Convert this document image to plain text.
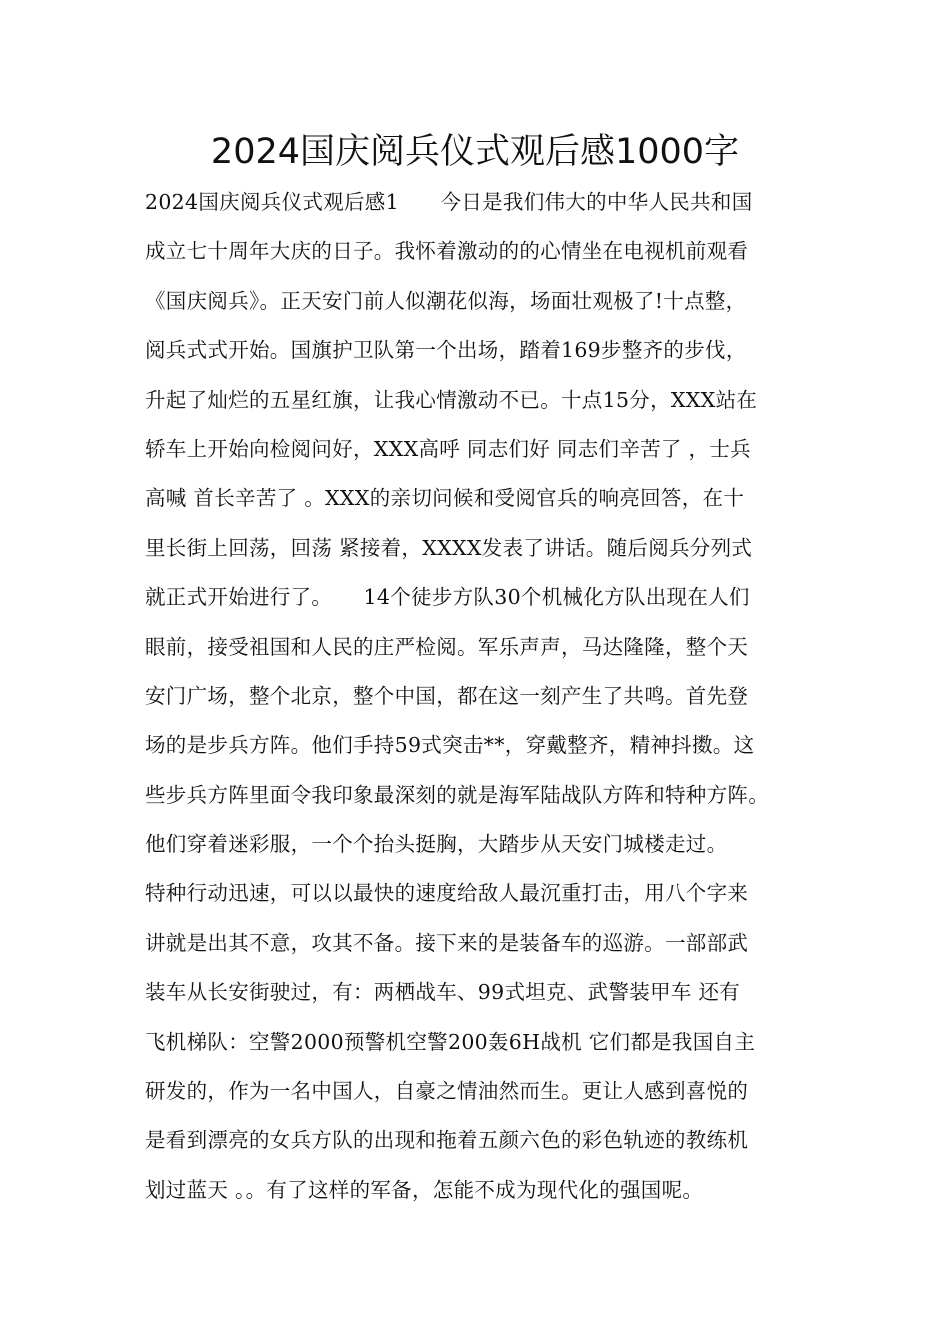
2024国庆阅兵仪式观后感1000字
2024国庆阅兵仪式观后感1　　今日是我们伟大的中华人民共和国
成立七十周年大庆的日子。我怀着激动的的心情坐在电视机前观看
《国庆阅兵》。正天安门前人似潮花似海，场面壮观极了!十点整，
阅兵式式开始。国旗护卫队第一个出场，踏着169步整齐的步伐，
升起了灿烂的五星红旗，让我心情激动不已。十点15分，XXX站在
轿车上开始向检阅问好，XXX高呼 同志们好 同志们辛苦了 ，士兵
高喊 首长辛苦了 。XXX的亲切问候和受阅官兵的响亮回答，在十
里长街上回荡，回荡 紧接着，XXXX发表了讲话。随后阅兵分列式
就正式开始进行了。　　14个徒步方队30个机械化方队出现在人们
眼前，接受祖国和人民的庄严检阅。军乐声声，马达隆隆，整个天
安门广场，整个北京，整个中国，都在这一刻产生了共鸣。首先登
场的是步兵方阵。他们手持59式突击**，穿戴整齐，精神抖擞。这
些步兵方阵里面令我印象最深刻的就是海军陆战队方阵和特种方阵。
他们穿着迷彩服，一个个抬头挺胸，大踏步从天安门城楼走过。
特种行动迅速，可以以最快的速度给敌人最沉重打击，用八个字来
讲就是出其不意，攻其不备。接下来的是装备车的巡游。一部部武
装车从长安街驶过，有：两栖战车、99式坦克、武警装甲车 还有
飞机梯队：空警2000预警机空警200轰6H战机 它们都是我国自主
研发的，作为一名中国人，自豪之情油然而生。更让人感到喜悦的
是看到漂亮的女兵方队的出现和拖着五颜六色的彩色轨迹的教练机
划过蓝天 。。有了这样的军备，怎能不成为现代化的强国呢。
